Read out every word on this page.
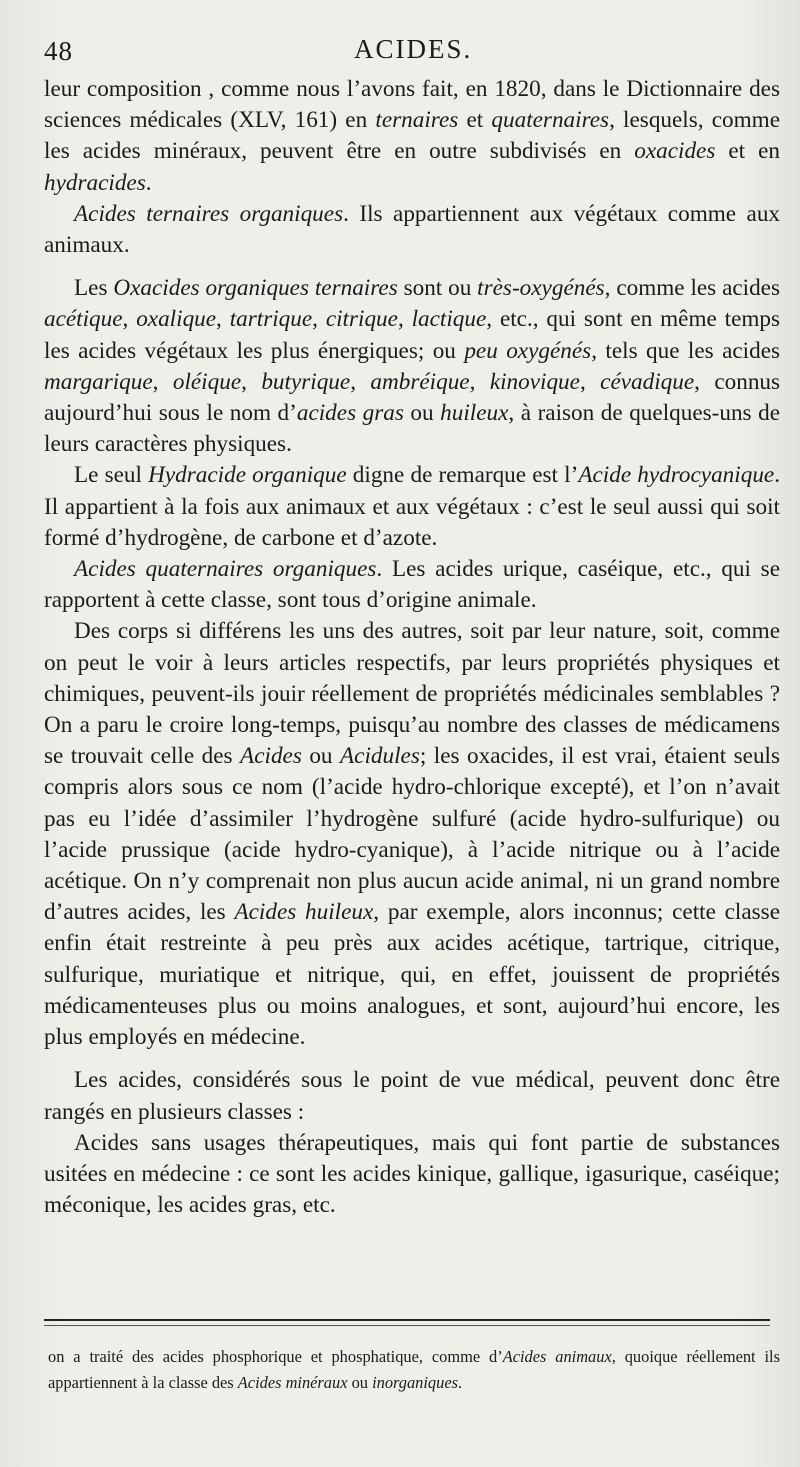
48	ACIDES.

leur composition , comme nous l’avons fait, en 1820, dans le Dictionnaire des sciences médicales (XLV, 161) en ternaires et quaternaires, lesquels, comme les acides minéraux, peuvent être en outre subdivisés en oxacides et en hydracides.

Acides ternaires organiques. Ils appartiennent aux végétaux comme aux animaux.

Les Oxacides organiques ternaires sont ou très-oxygénés, comme les acides acétique, oxalique, tartrique, citrique, lactique, etc., qui sont en même temps les acides végétaux les plus énergiques; ou peu oxygénés, tels que les acides margarique, oléique, butyrique, ambréique, kinovique, cévadique, connus aujourd’hui sous le nom d’acides gras ou huileux, à raison de quelques-uns de leurs caractères physiques.

Le seul Hydracide organique digne de remarque est l’Acide hydrocyanique. Il appartient à la fois aux animaux et aux végétaux : c’est le seul aussi qui soit formé d’hydrogène, de carbone et d’azote.

Acides quaternaires organiques. Les acides urique, caséique, etc., qui se rapportent à cette classe, sont tous d’origine animale.

Des corps si différens les uns des autres, soit par leur nature, soit, comme on peut le voir à leurs articles respectifs, par leurs propriétés physiques et chimiques, peuvent-ils jouir réellement de propriétés médicinales semblables ? On a paru le croire long-temps, puisqu’au nombre des classes de médicamens se trouvait celle des Acides ou Acidules; les oxacides, il est vrai, étaient seuls compris alors sous ce nom (l’acide hydro-chlorique excepté), et l’on n’avait pas eu l’idée d’assimiler l’hydrogène sulfuré (acide hydro-sulfurique) ou l’acide prussique (acide hydro-cyanique), à l’acide nitrique ou à l’acide acétique. On n’y comprenait non plus aucun acide animal, ni un grand nombre d’autres acides, les Acides huileux, par exemple, alors inconnus; cette classe enfin était restreinte à peu près aux acides acétique, tartrique, citrique, sulfurique, muriatique et nitrique, qui, en effet, jouissent de propriétés médicamenteuses plus ou moins analogues, et sont, aujourd’hui encore, les plus employés en médecine.

Les acides, considérés sous le point de vue médical, peuvent donc être rangés en plusieurs classes :

Acides sans usages thérapeutiques, mais qui font partie de substances usitées en médecine : ce sont les acides kinique, gallique, igasurique, caséique; méconique, les acides gras, etc.

on a traité des acides phosphorique et phosphatique, comme d’Acides animaux, quoique réellement ils appartiennent à la classe des Acides minéraux ou inorganiques.
